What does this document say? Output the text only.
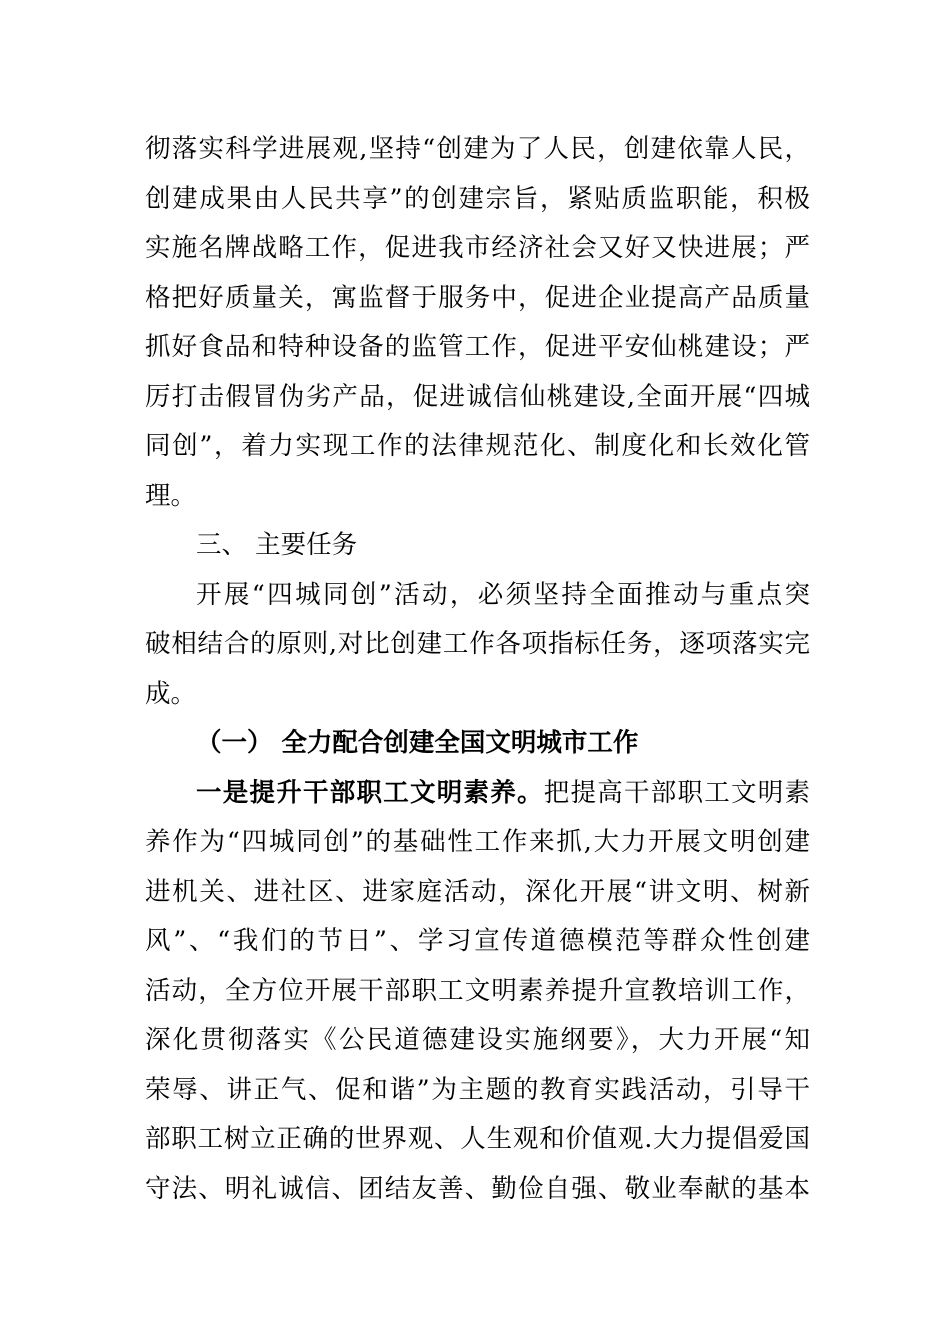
彻落实科学进展观,坚持“创建为了人民，创建依靠人民，
创建成果由人民共享”的创建宗旨，紧贴质监职能，积极
实施名牌战略工作，促进我市经济社会又好又快进展；严
格把好质量关，寓监督于服务中，促进企业提高产品质量
抓好食品和特种设备的监管工作，促进平安仙桃建设；严
厉打击假冒伪劣产品，促进诚信仙桃建设,全面开展“四城
同创”，着力实现工作的法律规范化、制度化和长效化管
理。
三、 主要任务
开展“四城同创”活动，必须坚持全面推动与重点突
破相结合的原则,对比创建工作各项指标任务，逐项落实完
成。
（一） 全力配合创建全国文明城市工作
一是提升干部职工文明素养。把提高干部职工文明素
养作为“四城同创”的基础性工作来抓,大力开展文明创建
进机关、进社区、进家庭活动，深化开展“讲文明、树新
风”、“我们的节日”、学习宣传道德模范等群众性创建
活动，全方位开展干部职工文明素养提升宣教培训工作，
深化贯彻落实《公民道德建设实施纲要》，大力开展“知
荣辱、讲正气、促和谐”为主题的教育实践活动，引导干
部职工树立正确的世界观、人生观和价值观.大力提倡爱国
守法、明礼诚信、团结友善、勤俭自强、敬业奉献的基本
